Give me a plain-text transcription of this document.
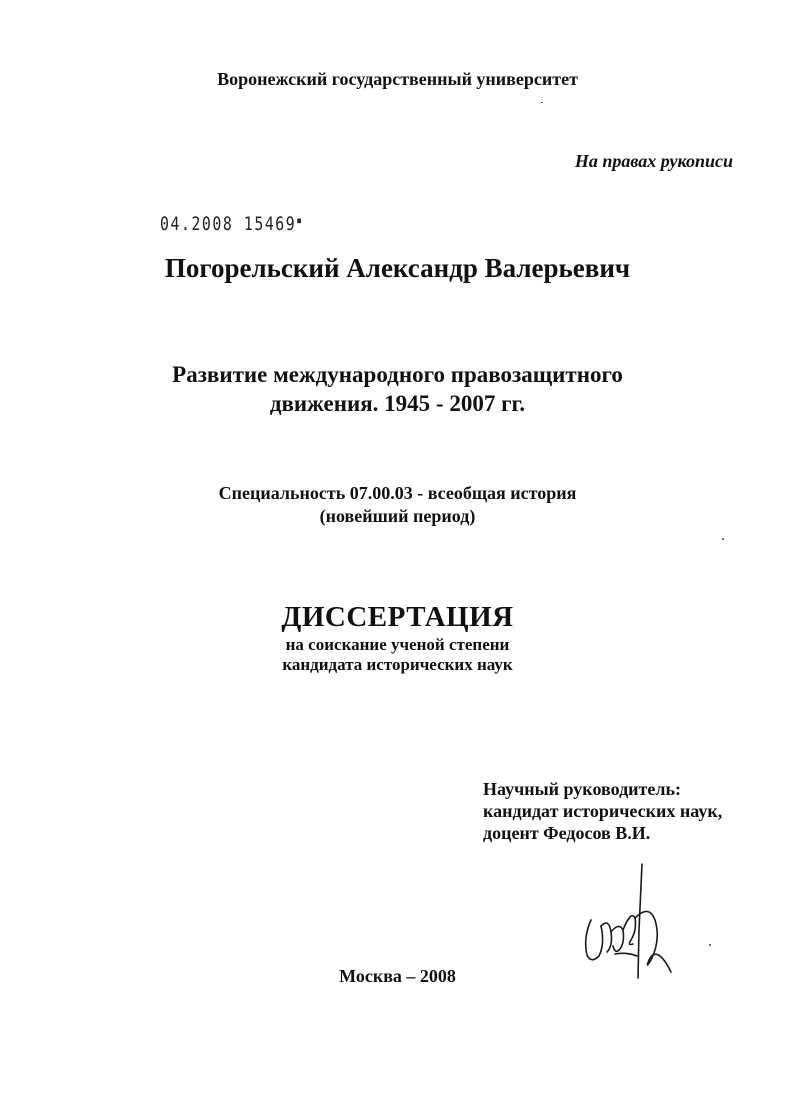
Воронежский государственный университет
На правах рукописи
04.2008 15469▪
Погорельский Александр Валерьевич
Развитие международного правозащитного
движения. 1945 - 2007 гг.
Специальность 07.00.03 - всеобщая история
(новейший период)
ДИССЕРТАЦИЯ
на соискание ученой степени
кандидата исторических наук
Научный руководитель:
кандидат исторических наук,
доцент Федосов В.И.
Москва – 2008
